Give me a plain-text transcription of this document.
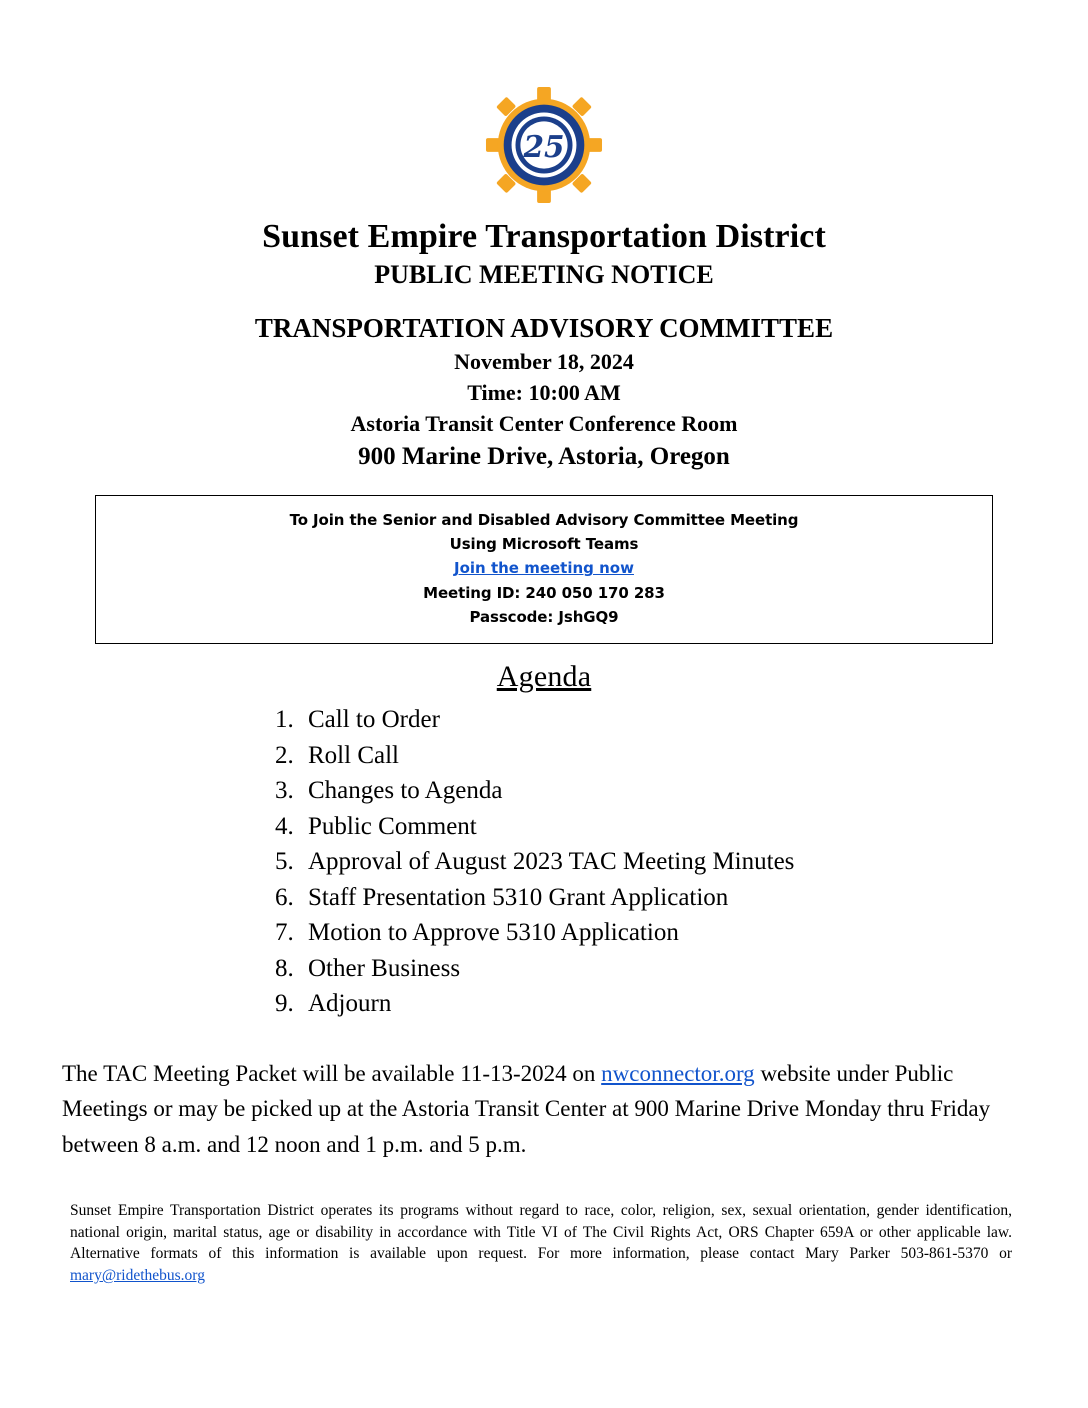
25
Sunset Empire Transportation District
PUBLIC MEETING NOTICE
TRANSPORTATION ADVISORY COMMITTEE
November 18, 2024
Time: 10:00 AM
Astoria Transit Center Conference Room
900 Marine Drive, Astoria, Oregon
To Join the Senior and Disabled Advisory Committee Meeting
Using Microsoft Teams
Join the meeting now
Meeting ID: 240 050 170 283
Passcode: JshGQ9
Agenda
1. Call to Order
2. Roll Call
3. Changes to Agenda
4. Public Comment
5. Approval of August 2023 TAC Meeting Minutes
6. Staff Presentation 5310 Grant Application
7. Motion to Approve 5310 Application
8. Other Business
9. Adjourn

The TAC Meeting Packet will be available 11-13-2024 on nwconnector.org website under Public Meetings or may be picked up at the Astoria Transit Center at 900 Marine Drive Monday thru Friday between 8 a.m. and 12 noon and 1 p.m. and 5 p.m.

Sunset Empire Transportation District operates its programs without regard to race, color, religion, sex, sexual orientation, gender identification, national origin, marital status, age or disability in accordance with Title VI of The Civil Rights Act, ORS Chapter 659A or other applicable law. Alternative formats of this information is available upon request. For more information, please contact Mary Parker 503-861-5370 or mary@ridethebus.org
